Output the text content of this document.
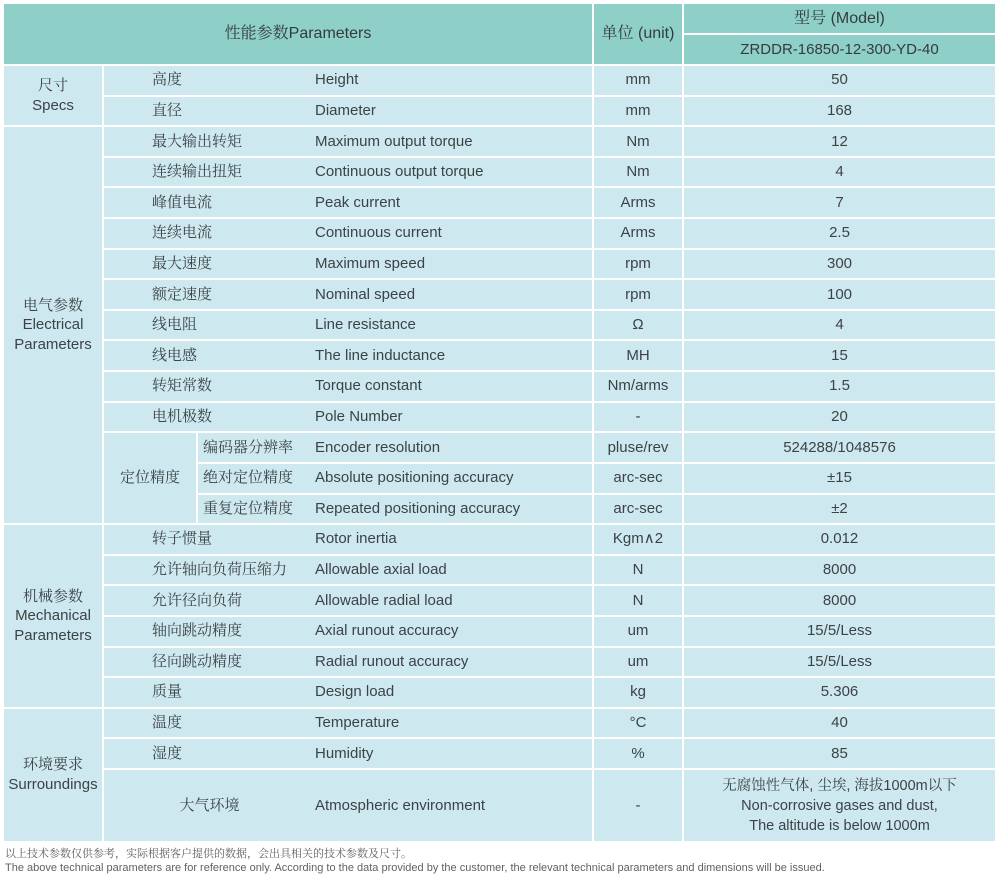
性能参数Parameters	单位 (unit)
型号 (Model)
ZRDDR-16850-12-300-YD-40
尺寸
Specs
高度	Height	mm	50
直径	Diameter	mm	168
电气参数
Electrical Parameters
最大输出转矩	Maximum output torque	Nm	12
连续输出扭矩	Continuous output torque	Nm	4
峰值电流	Peak current	Arms	7
连续电流	Continuous current	Arms	2.5
最大速度	Maximum speed	rpm	300
额定速度	Nominal speed	rpm	100
线电阻	Line resistance	Ω	4
线电感	The line inductance	MH	15
转矩常数	Torque constant	Nm/arms	1.5
电机极数	Pole Number	-	20
定位精度
编码器分辨率	Encoder resolution	pluse/rev	524288/1048576
绝对定位精度	Absolute positioning accuracy	arc-sec	±15
重复定位精度	Repeated positioning accuracy	arc-sec	±2
机械参数
Mechanical Parameters
转子惯量	Rotor inertia	Kgm∧2	0.012
允许轴向负荷压缩力	Allowable axial load	N	8000
允许径向负荷	Allowable radial load	N	8000
轴向跳动精度	Axial runout accuracy	um	15/5/Less
径向跳动精度	Radial runout accuracy	um	15/5/Less
质量	Design load	kg	5.306
环境要求
Surroundings
温度	Temperature	°C	40
湿度	Humidity	%	85
大气环境	Atmospheric environment	-
无腐蚀性气体, 尘埃, 海拔1000m以下
Non-corrosive gases and dust,
The altitude is below 1000m
以上技术参数仅供参考，实际根据客户提供的数据，会出具相关的技术参数及尺寸。
The above technical parameters are for reference only. According to the data provided by the customer, the relevant technical parameters and dimensions will be issued.
